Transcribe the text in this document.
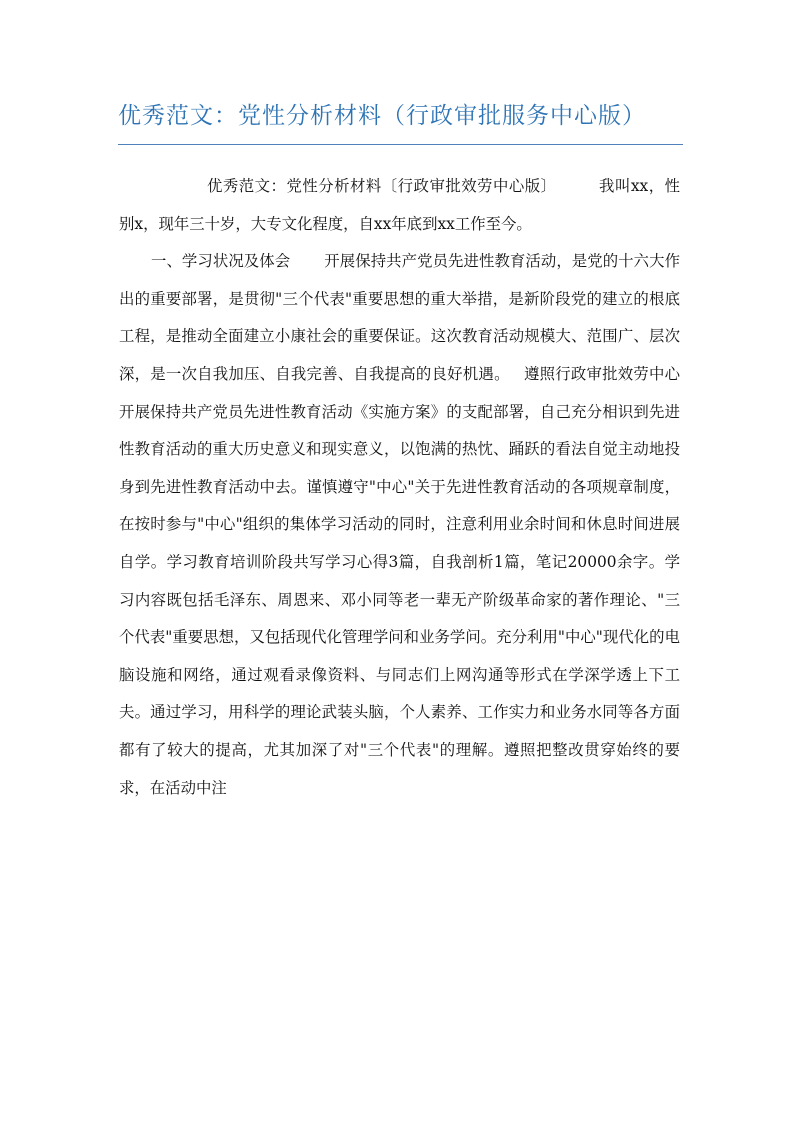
优秀范文：党性分析材料（行政审批服务中心版）

优秀范文：党性分析材料〔行政审批效劳中心版〕	我叫xx，性别x，现年三十岁，大专文化程度，自xx年底到xx工作至今。

一、学习状况及体会 开展保持共产党员先进性教育活动，是党的十六大作出的重要部署，是贯彻"三个代表"重要思想的重大举措，是新阶段党的建立的根底工程，是推动全面建立小康社会的重要保证。这次教育活动规模大、范围广、层次深，是一次自我加压、自我完善、自我提高的良好机遇。 遵照行政审批效劳中心开展保持共产党员先进性教育活动《实施方案》的支配部署，自己充分相识到先进性教育活动的重大历史意义和现实意义，以饱满的热忱、踊跃的看法自觉主动地投身到先进性教育活动中去。谨慎遵守"中心"关于先进性教育活动的各项规章制度，在按时参与"中心"组织的集体学习活动的同时，注意利用业余时间和休息时间进展自学。学习教育培训阶段共写学习心得3篇，自我剖析1篇，笔记20000余字。学习内容既包括毛泽东、周恩来、邓小同等老一辈无产阶级革命家的著作理论、"三个代表"重要思想，又包括现代化管理学问和业务学问。充分利用"中心"现代化的电脑设施和网络，通过观看录像资料、与同志们上网沟通等形式在学深学透上下工夫。通过学习，用科学的理论武装头脑，个人素养、工作实力和业务水同等各方面都有了较大的提高，尤其加深了对"三个代表"的理解。遵照把整改贯穿始终的要求，在活动中注
